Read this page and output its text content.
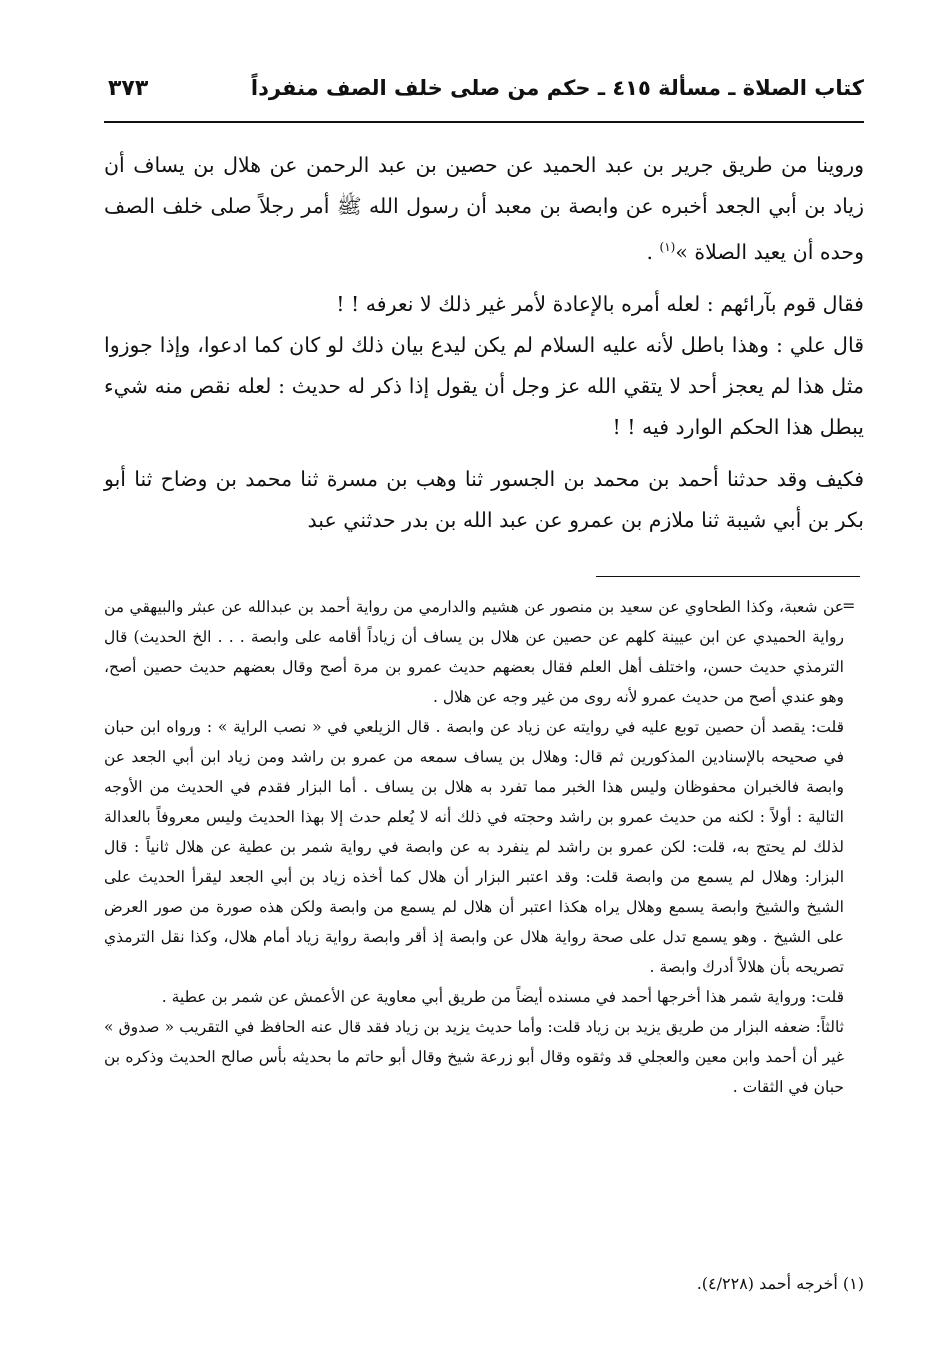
كتاب الصلاة ـ مسألة ٤١٥ ـ حكم من صلى خلف الصف منفرداً
٣٧٣

وروينا من طريق جرير بن عبد الحميد عن حصين بن عبد الرحمن عن هلال بن يساف أن زياد بن أبي الجعد أخبره عن وابصة بن معبد أن رسول الله ﷺ أمر رجلاً صلى خلف الصف وحده أن يعيد الصلاة »$^{(١)}$ .

فقال قوم بآرائهم : لعله أمره بالإعادة لأمر غير ذلك لا نعرفه ! !

قال علي : وهذا باطل لأنه عليه السلام لم يكن ليدع بيان ذلك لو كان كما ادعوا، وإذا جوزوا مثل هذا لم يعجز أحد لا يتقي الله عز وجل أن يقول إذا ذكر له حديث : لعله نقص منه شيء يبطل هذا الحكم الوارد فيه ! !

فكيف وقد حدثنا أحمد بن محمد بن الجسور ثنا وهب بن مسرة ثنا محمد بن وضاح ثنا أبو بكر بن أبي شيبة ثنا ملازم بن عمرو عن عبد الله بن بدر حدثني عبد

=

عن شعبة، وكذا الطحاوي عن سعيد بن منصور عن هشيم والدارمي من رواية أحمد بن عبدالله عن عبثر والبيهقي من رواية الحميدي عن ابن عيينة كلهم عن حصين عن هلال بن يساف أن زياداً أقامه على وابصة . . . الخ الحديث) قال الترمذي حديث حسن، واختلف أهل العلم فقال بعضهم حديث عمرو بن مرة أصح وقال بعضهم حديث حصين أصح، وهو عندي أصح من حديث عمرو لأنه روى من غير وجه عن هلال .

قلت: يقصد أن حصين توبع عليه في روايته عن زياد عن وابصة . قال الزيلعي في « نصب الراية » : ورواه ابن حبان في صحيحه بالإسنادين المذكورين ثم قال: وهلال بن يساف سمعه من عمرو بن راشد ومن زياد ابن أبي الجعد عن وابصة فالخبران محفوظان وليس هذا الخبر مما تفرد به هلال بن يساف . أما البزار فقدم في الحديث من الأوجه التالية : أولاً : لكنه من حديث عمرو بن راشد وحجته في ذلك أنه لا يُعلم حدث إلا بهذا الحديث وليس معروفاً بالعدالة لذلك لم يحتج به، قلت: لكن عمرو بن راشد لم ينفرد به عن وابصة في رواية شمر بن عطية عن هلال ثانياً : قال البزار: وهلال لم يسمع من وابصة قلت: وقد اعتبر البزار أن هلال كما أخذه زياد بن أبي الجعد ليقرأ الحديث على الشيخ والشيخ وابصة يسمع وهلال يراه هكذا اعتبر أن هلال لم يسمع من وابصة ولكن هذه صورة من صور العرض على الشيخ . وهو يسمع تدل على صحة رواية هلال عن وابصة إذ أقر وابصة رواية زياد أمام هلال، وكذا نقل الترمذي تصريحه بأن هلالاً أدرك وابصة .

قلت: ورواية شمر هذا أخرجها أحمد في مسنده أيضاً من طريق أبي معاوية عن الأعمش عن شمر بن عطية .

ثالثاً: ضعفه البزار من طريق يزيد بن زياد قلت: وأما حديث يزيد بن زياد فقد قال عنه الحافظ في التقريب « صدوق » غير أن أحمد وابن معين والعجلي قد وثقوه وقال أبو زرعة شيخ وقال أبو حاتم ما بحديثه بأس صالح الحديث وذكره بن حبان في الثقات .

(١) أخرجه أحمد (٤/٢٢٨).
